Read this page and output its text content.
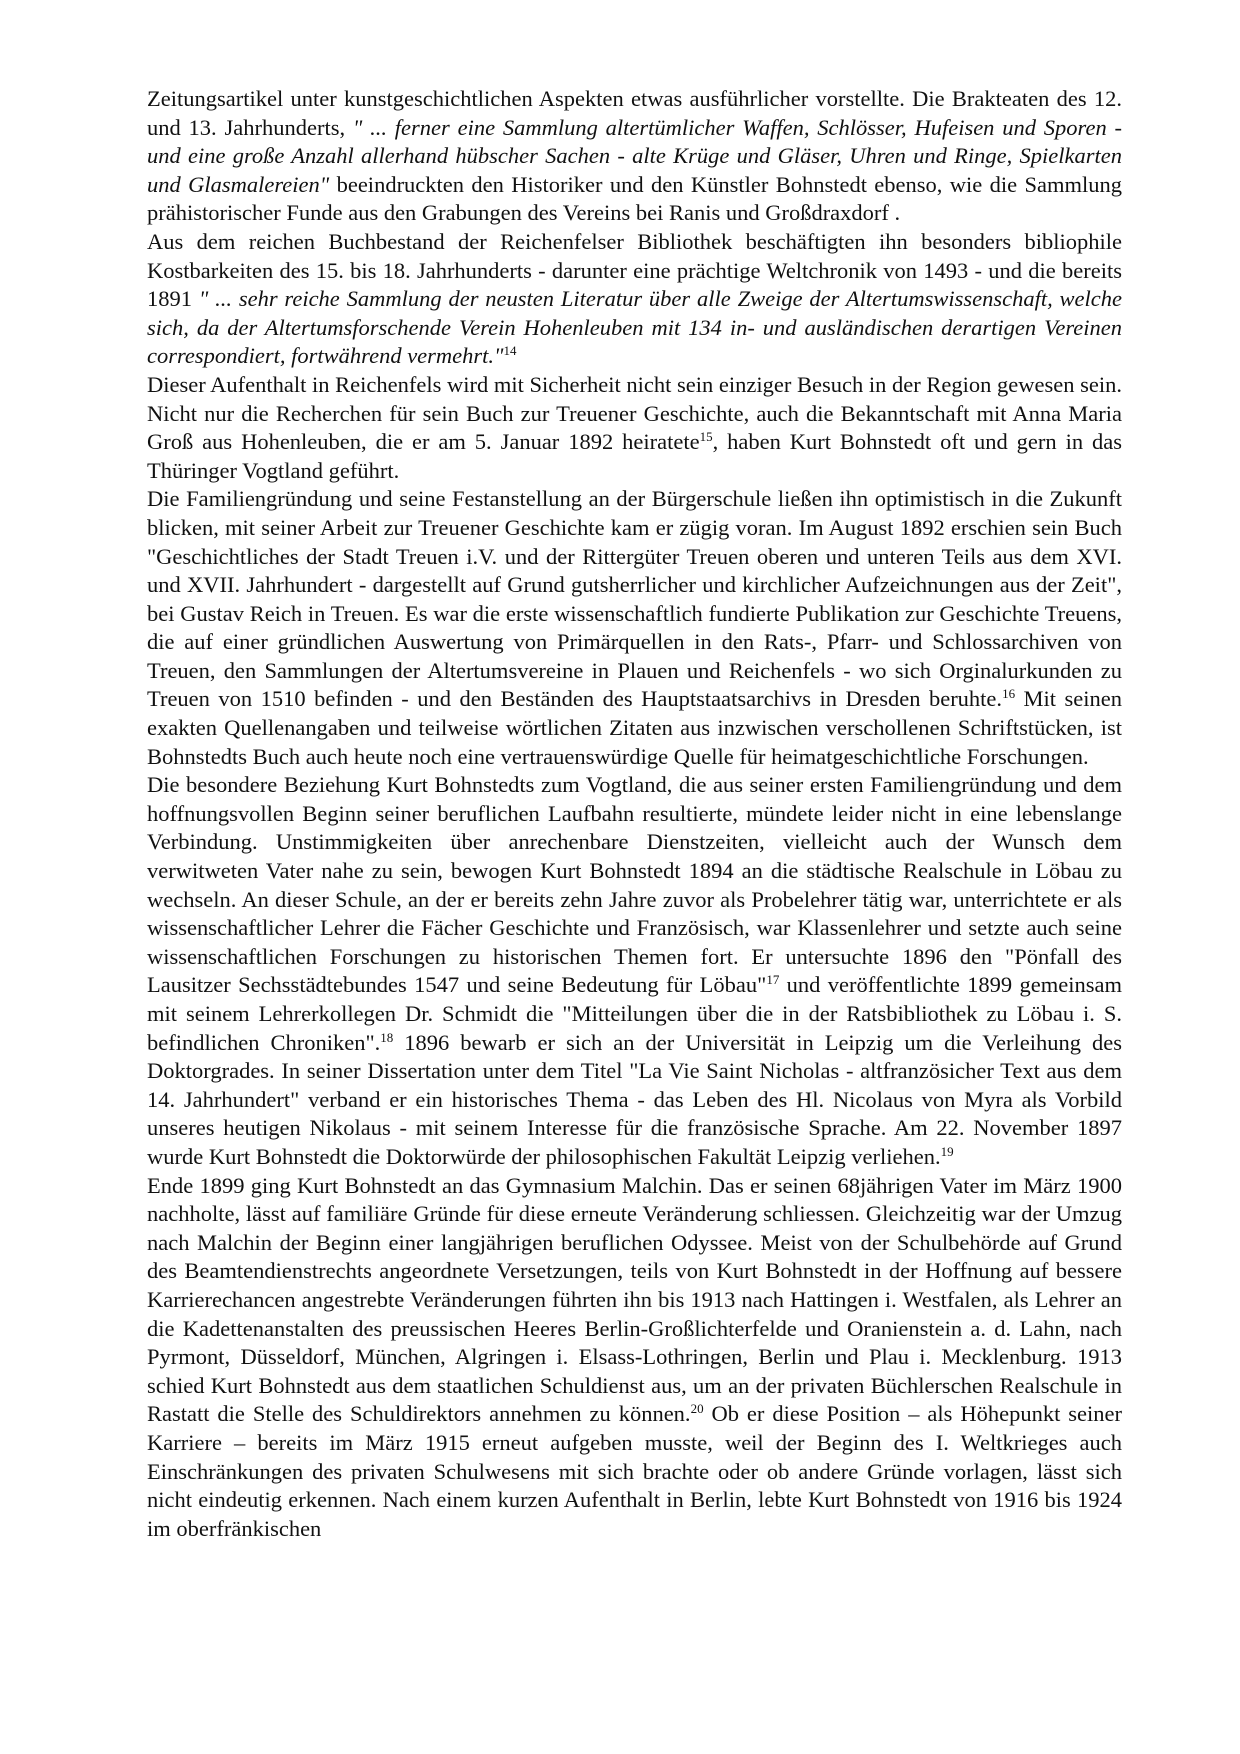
Zeitungsartikel unter kunstgeschichtlichen Aspekten etwas ausführlicher vorstellte. Die Brakteaten des 12. und 13. Jahrhunderts, " ... ferner eine Sammlung altertümlicher Waffen, Schlösser, Hufeisen und Sporen - und eine große Anzahl allerhand hübscher Sachen - alte Krüge und Gläser, Uhren und Ringe, Spielkarten und Glasmalereien" beeindruckten den Historiker und den Künstler Bohnstedt ebenso, wie die Sammlung prähistorischer Funde aus den Grabungen des Vereins bei Ranis und Großdraxdorf .

Aus dem reichen Buchbestand der Reichenfelser Bibliothek beschäftigten ihn besonders bibliophile Kostbarkeiten des 15. bis 18. Jahrhunderts - darunter eine prächtige Weltchronik von 1493 - und die bereits 1891 " ... sehr reiche Sammlung der neusten Literatur über alle Zweige der Altertumswissenschaft, welche sich, da der Altertumsforschende Verein Hohenleuben mit 134 in- und ausländischen derartigen Vereinen correspondiert, fortwährend vermehrt."$^{14}$

Dieser Aufenthalt in Reichenfels wird mit Sicherheit nicht sein einziger Besuch in der Region gewesen sein. Nicht nur die Recherchen für sein Buch zur Treuener Geschichte, auch die Bekanntschaft mit Anna Maria Groß aus Hohenleuben, die er am 5. Januar 1892 heiratete$^{15}$, haben Kurt Bohnstedt oft und gern in das Thüringer Vogtland geführt.

Die Familiengründung und seine Festanstellung an der Bürgerschule ließen ihn optimistisch in die Zukunft blicken, mit seiner Arbeit zur Treuener Geschichte kam er zügig voran. Im August 1892 erschien sein Buch "Geschichtliches der Stadt Treuen i.V. und der Rittergüter Treuen oberen und unteren Teils aus dem XVI. und XVII. Jahrhundert - dargestellt auf Grund gutsherrlicher und kirchlicher Aufzeichnungen aus der Zeit", bei Gustav Reich in Treuen. Es war die erste wissenschaftlich fundierte Publikation zur Geschichte Treuens, die auf einer gründlichen Auswertung von Primärquellen in den Rats-, Pfarr- und Schlossarchiven von Treuen, den Sammlungen der Altertumsvereine in Plauen und Reichenfels - wo sich Orginalurkunden zu Treuen von 1510 befinden - und den Beständen des Hauptstaatsarchivs in Dresden beruhte.$^{16}$ Mit seinen exakten Quellenangaben und teilweise wörtlichen Zitaten aus inzwischen verschollenen Schriftstücken, ist Bohnstedts Buch auch heute noch eine vertrauenswürdige Quelle für heimatgeschichtliche Forschungen.

Die besondere Beziehung Kurt Bohnstedts zum Vogtland, die aus seiner ersten Familiengründung und dem hoffnungsvollen Beginn seiner beruflichen Laufbahn resultierte, mündete leider nicht in eine lebenslange Verbindung. Unstimmigkeiten über anrechenbare Dienstzeiten, vielleicht auch der Wunsch dem verwitweten Vater nahe zu sein, bewogen Kurt Bohnstedt 1894 an die städtische Realschule in Löbau zu wechseln. An dieser Schule, an der er bereits zehn Jahre zuvor als Probelehrer tätig war, unterrichtete er als wissenschaftlicher Lehrer die Fächer Geschichte und Französisch, war Klassenlehrer und setzte auch seine wissenschaftlichen Forschungen zu historischen Themen fort. Er untersuchte 1896 den "Pönfall des Lausitzer Sechsstädtebundes 1547 und seine Bedeutung für Löbau"$^{17}$ und veröffentlichte 1899 gemeinsam mit seinem Lehrerkollegen Dr. Schmidt die "Mitteilungen über die in der Ratsbibliothek zu Löbau i. S. befindlichen Chroniken".$^{18}$ 1896 bewarb er sich an der Universität in Leipzig um die Verleihung des Doktorgrades. In seiner Dissertation unter dem Titel "La Vie Saint Nicholas - altfranzösicher Text aus dem 14. Jahrhundert" verband er ein historisches Thema - das Leben des Hl. Nicolaus von Myra als Vorbild unseres heutigen Nikolaus - mit seinem Interesse für die französische Sprache. Am 22. November 1897 wurde Kurt Bohnstedt die Doktorwürde der philosophischen Fakultät Leipzig verliehen.$^{19}$

Ende 1899 ging Kurt Bohnstedt an das Gymnasium Malchin. Das er seinen 68jährigen Vater im März 1900 nachholte, lässt auf familiäre Gründe für diese erneute Veränderung schliessen. Gleichzeitig war der Umzug nach Malchin der Beginn einer langjährigen beruflichen Odyssee. Meist von der Schulbehörde auf Grund des Beamtendienstrechts angeordnete Versetzungen, teils von Kurt Bohnstedt in der Hoffnung auf bessere Karrierechancen angestrebte Veränderungen führten ihn bis 1913 nach Hattingen i. Westfalen, als Lehrer an die Kadettenanstalten des preussischen Heeres Berlin-Großlichterfelde und Oranienstein a. d. Lahn, nach Pyrmont, Düsseldorf, München, Algringen i. Elsass-Lothringen, Berlin und Plau i. Mecklenburg. 1913 schied Kurt Bohnstedt aus dem staatlichen Schuldienst aus, um an der privaten Büchlerschen Realschule in Rastatt die Stelle des Schuldirektors annehmen zu können.$^{20}$ Ob er diese Position – als Höhepunkt seiner Karriere – bereits im März 1915 erneut aufgeben musste, weil der Beginn des I. Weltkrieges auch Einschränkungen des privaten Schulwesens mit sich brachte oder ob andere Gründe vorlagen, lässt sich nicht eindeutig erkennen. Nach einem kurzen Aufenthalt in Berlin, lebte Kurt Bohnstedt von 1916 bis 1924 im oberfränkischen
